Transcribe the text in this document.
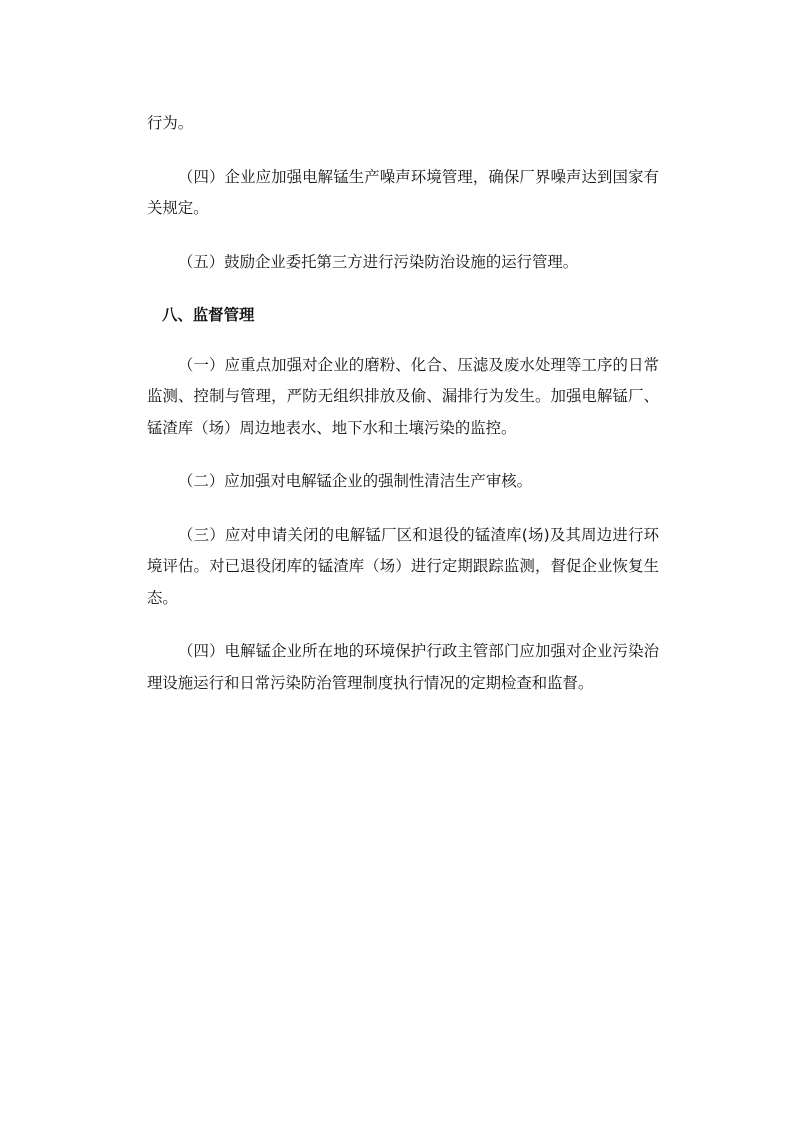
行为。

（四）企业应加强电解锰生产噪声环境管理，确保厂界噪声达到国家有关规定。

（五）鼓励企业委托第三方进行污染防治设施的运行管理。

八、监督管理

（一）应重点加强对企业的磨粉、化合、压滤及废水处理等工序的日常监测、控制与管理，严防无组织排放及偷、漏排行为发生。加强电解锰厂、锰渣库（场）周边地表水、地下水和土壤污染的监控。

（二）应加强对电解锰企业的强制性清洁生产审核。

（三）应对申请关闭的电解锰厂区和退役的锰渣库(场)及其周边进行环境评估。对已退役闭库的锰渣库（场）进行定期跟踪监测，督促企业恢复生态。

（四）电解锰企业所在地的环境保护行政主管部门应加强对企业污染治理设施运行和日常污染防治管理制度执行情况的定期检查和监督。
